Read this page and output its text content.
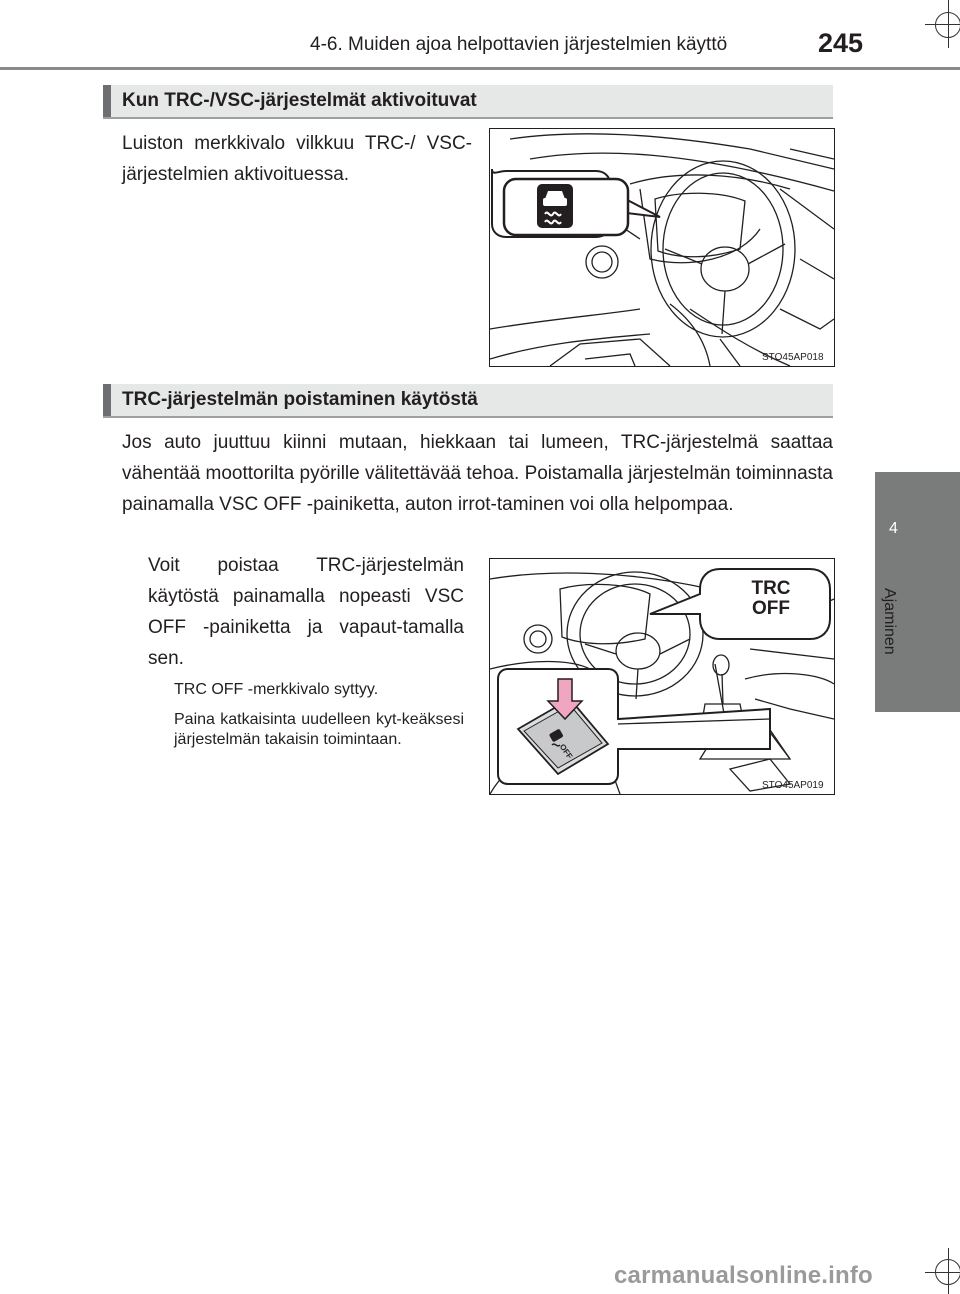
4-6. Muiden ajoa helpottavien järjestelmien käyttö	245
4
Ajaminen
Kun TRC-/VSC-järjestelmät aktivoituvat
Luiston merkkivalo vilkkuu TRC-/ VSC-järjestelmien aktivoituessa.
STO45AP018
TRC-järjestelmän poistaminen käytöstä
Jos auto juuttuu kiinni mutaan, hiekkaan tai lumeen, TRC-järjestelmä saattaa vähentää moottorilta pyörille välitettävää tehoa. Poistamalla järjestelmän toiminnasta painamalla VSC OFF -painiketta, auton irrot-taminen voi olla helpompaa.
Voit poistaa TRC-järjestelmän käytöstä painamalla nopeasti VSC OFF -painiketta ja vapaut-tamalla sen.
TRC OFF -merkkivalo syttyy.
Paina katkaisinta uudelleen kyt-keäksesi järjestelmän takaisin toimintaan.
TRC
OFF
OFF
STO45AP019
carmanualsonline.info
